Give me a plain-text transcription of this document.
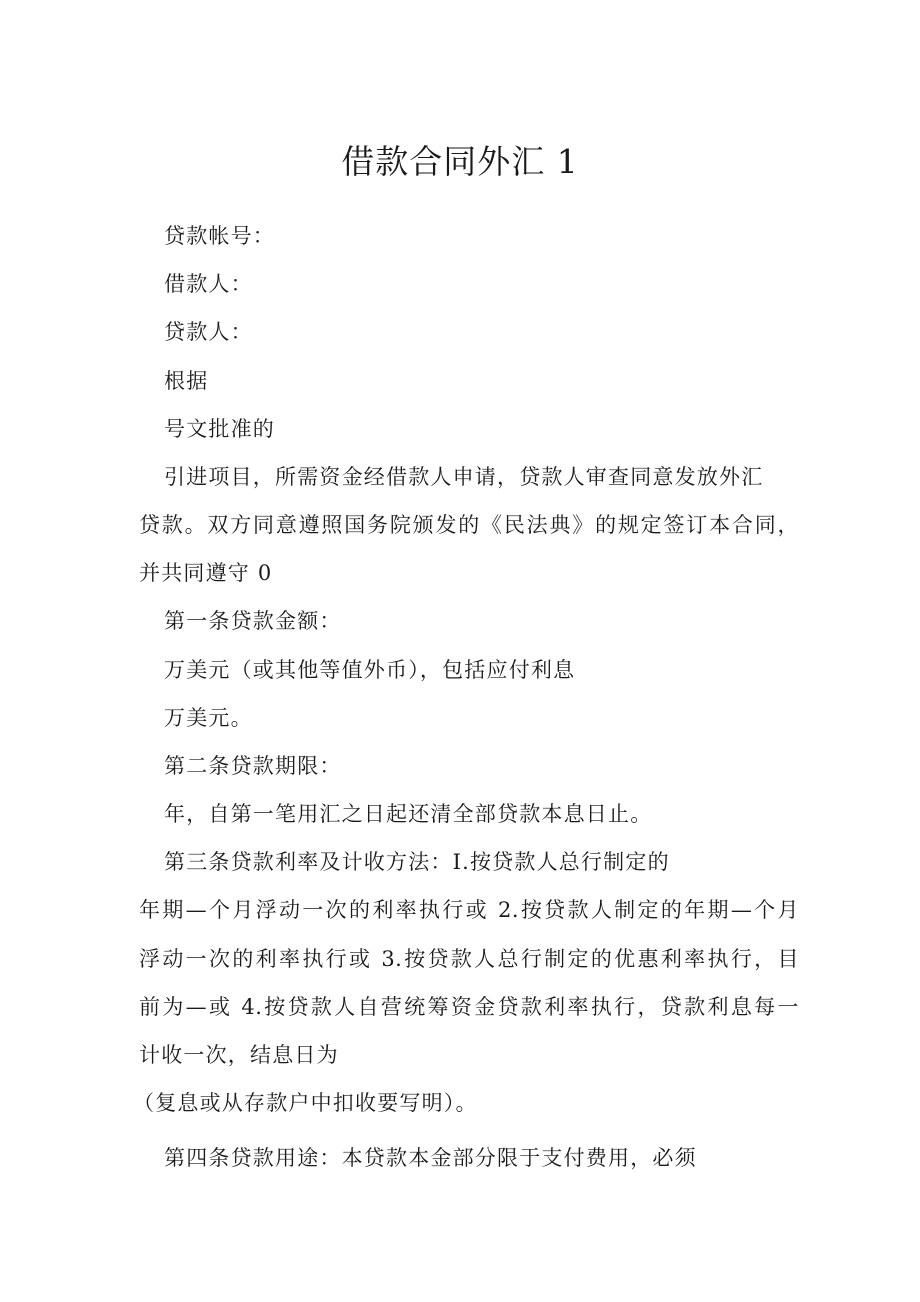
借款合同外汇 1
贷款帐号：
借款人：
贷款人：
根据
号文批准的
引进项目，所需资金经借款人申请，贷款人审查同意发放外汇
贷款。双方同意遵照国务院颁发的《民法典》的规定签订本合同，
并共同遵守 0
第一条贷款金额：
万美元（或其他等值外币），包括应付利息
万美元。
第二条贷款期限：
年，自第一笔用汇之日起还清全部贷款本息日止。
第三条贷款利率及计收方法：I.按贷款人总行制定的
年期—个月浮动一次的利率执行或 2.按贷款人制定的年期—个月
浮动一次的利率执行或 3.按贷款人总行制定的优惠利率执行，目
前为—或 4.按贷款人自营统筹资金贷款利率执行，贷款利息每一
计收一次，结息日为
（复息或从存款户中扣收要写明）。
第四条贷款用途：本贷款本金部分限于支付费用，必须
